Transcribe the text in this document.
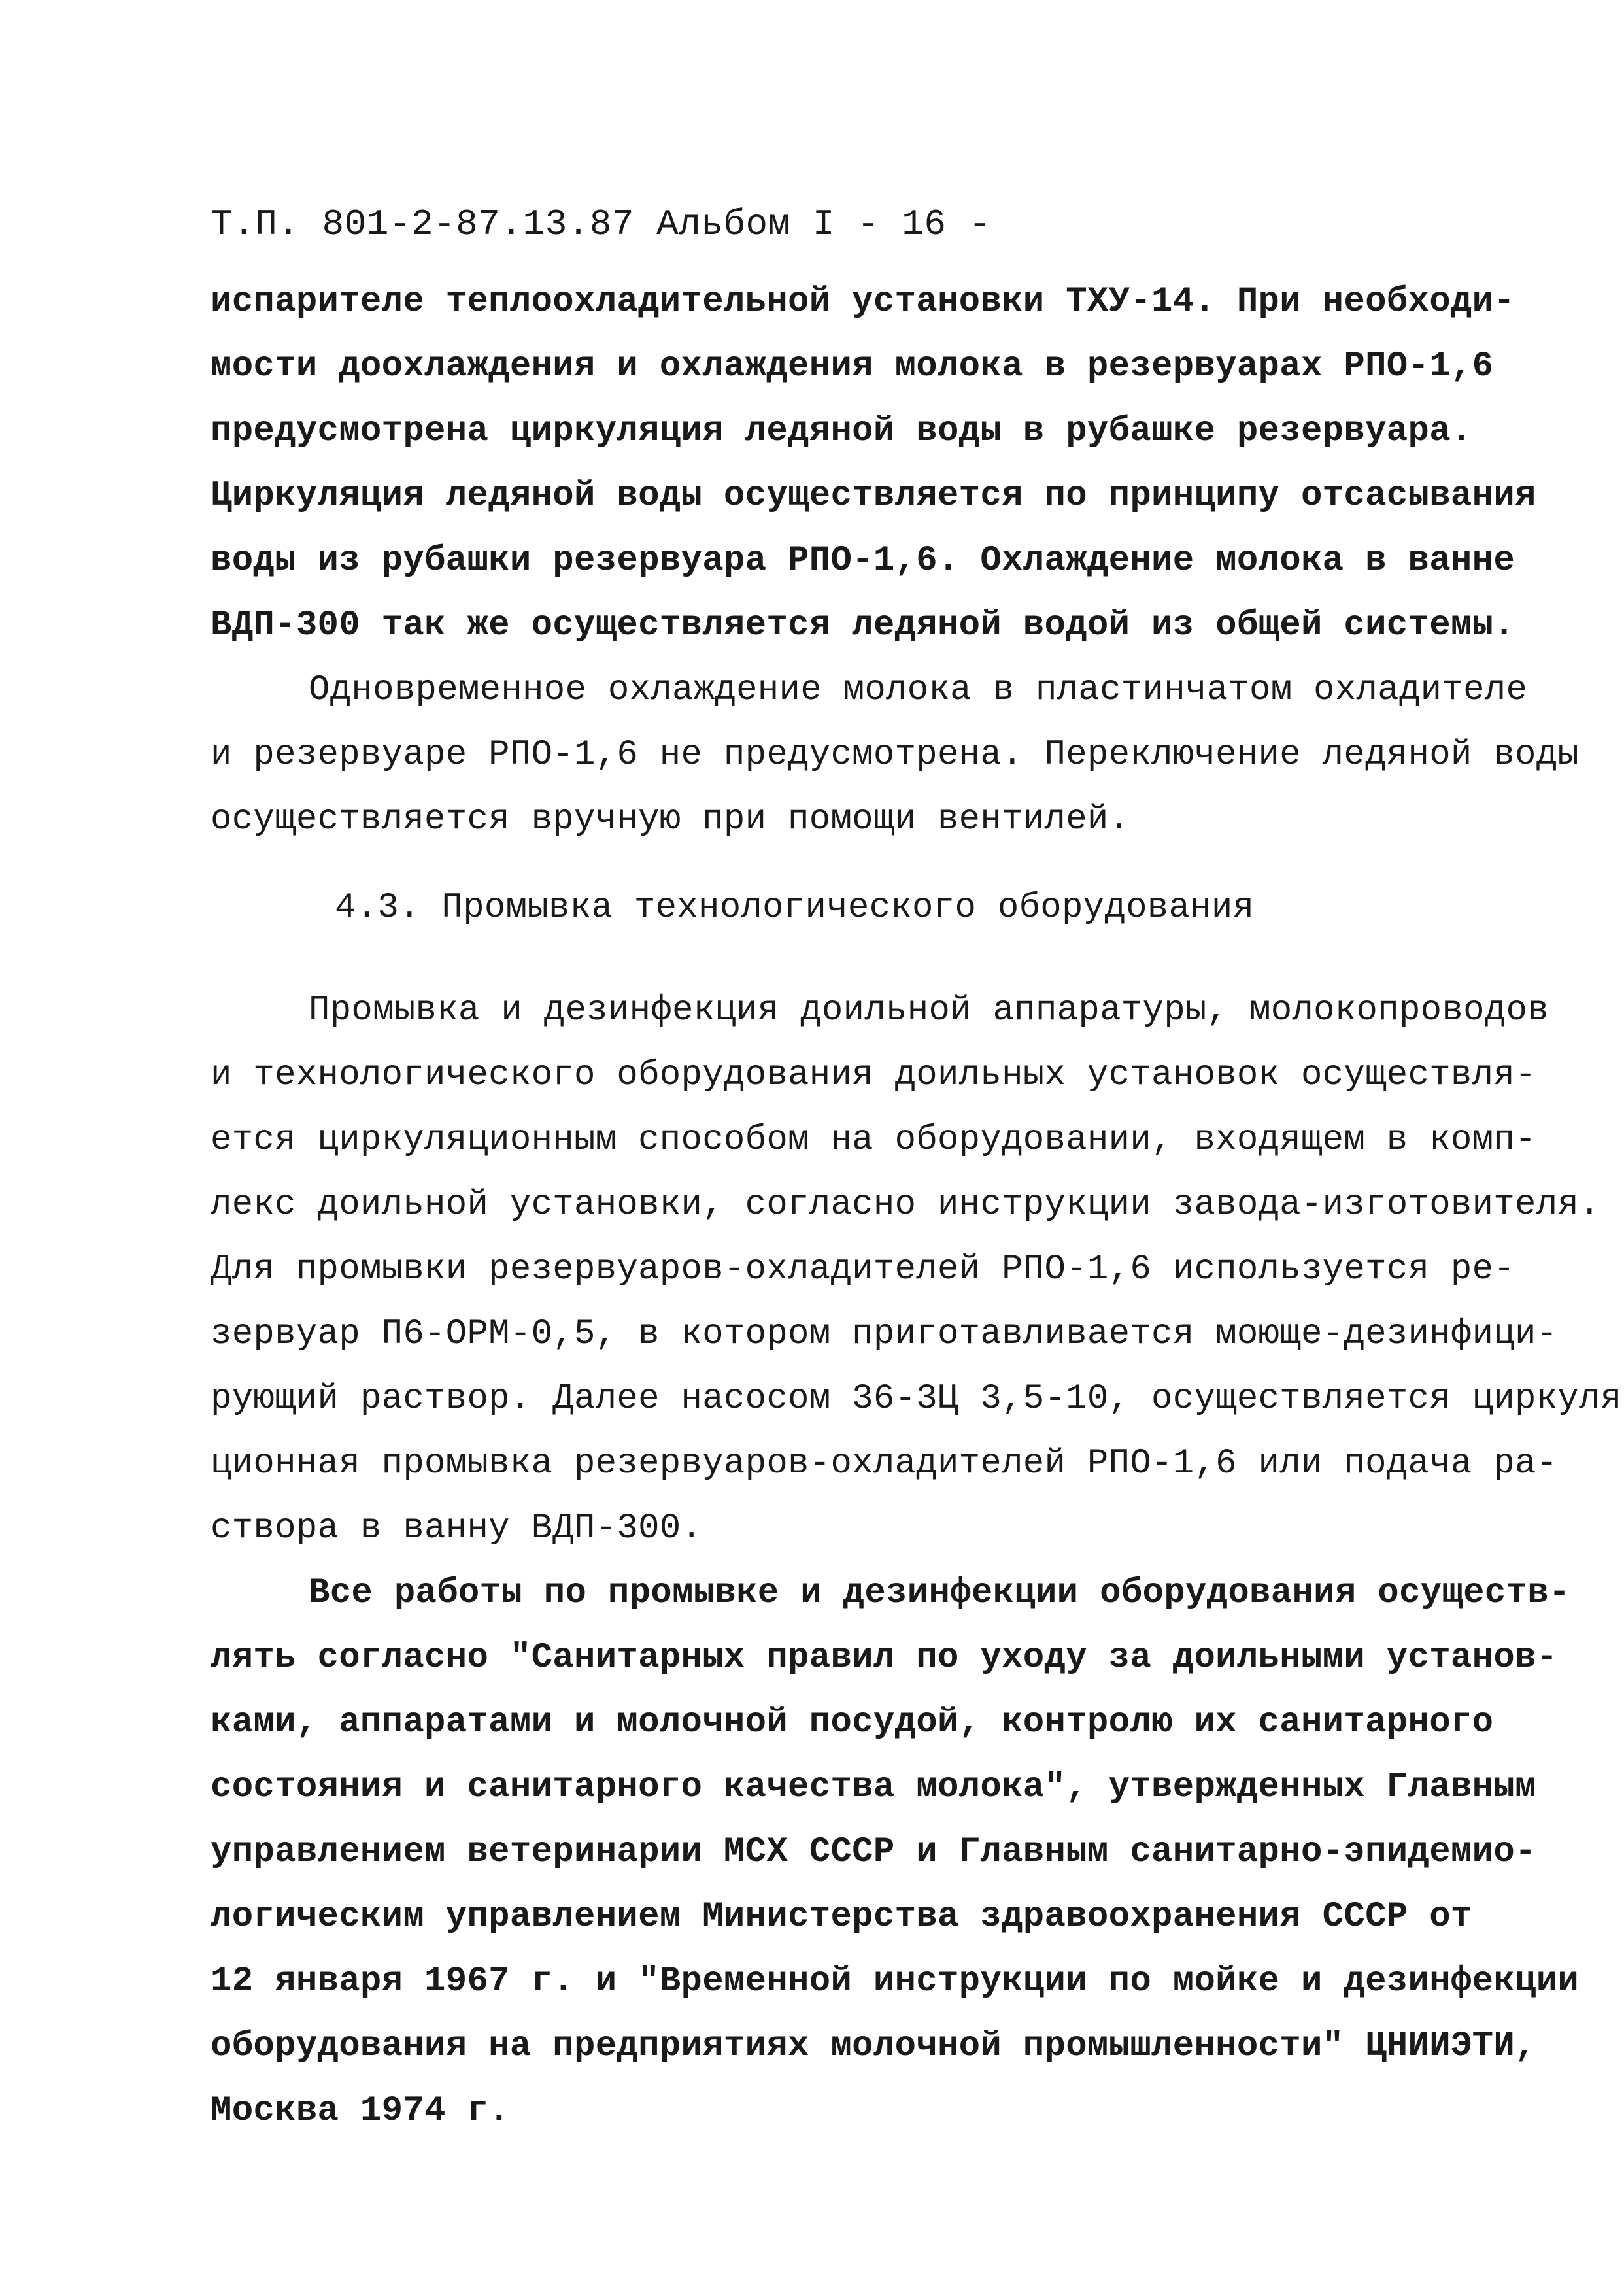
Т.П. 801-2-87.13.87 Альбом I - 16 -
испарителе теплоохладительной установки ТХУ-14. При необходи-
мости доохлаждения и охлаждения молока в резервуарах РПО-1,6
предусмотрена циркуляция ледяной воды в рубашке резервуара.
Циркуляция ледяной воды осуществляется по принципу отсасывания
воды из рубашки резервуара РПО-1,6. Охлаждение молока в ванне
ВДП-300 так же осуществляется ледяной водой из общей системы.
Одновременное охлаждение молока в пластинчатом охладителе
и резервуаре РПО-1,6 не предусмотрена. Переключение ледяной воды
осуществляется вручную при помощи вентилей.
4.3. Промывка технологического оборудования
Промывка и дезинфекция доильной аппаратуры, молокопроводов
и технологического оборудования доильных установок осуществля-
ется циркуляционным способом на оборудовании, входящем в комп-
лекс доильной установки, согласно инструкции завода-изготовителя.
Для промывки резервуаров-охладителей РПО-1,6 используется ре-
зервуар П6-ОРМ-0,5, в котором приготавливается моюще-дезинфици-
рующий раствор. Далее насосом 36-3Ц 3,5-10, осуществляется циркуля
ционная промывка резервуаров-охладителей РПО-1,6 или подача ра-
створа в ванну ВДП-300.
Все работы по промывке и дезинфекции оборудования осуществ-
лять согласно "Санитарных правил по уходу за доильными установ-
ками, аппаратами и молочной посудой, контролю их санитарного
состояния и санитарного качества молока", утвержденных Главным
управлением ветеринарии МСХ СССР и Главным санитарно-эпидемио-
логическим управлением Министерства здравоохранения СССР от
12 января 1967 г. и "Временной инструкции по мойке и дезинфекции
оборудования на предприятиях молочной промышленности" ЦНИИЭТИ,
Москва 1974 г.
